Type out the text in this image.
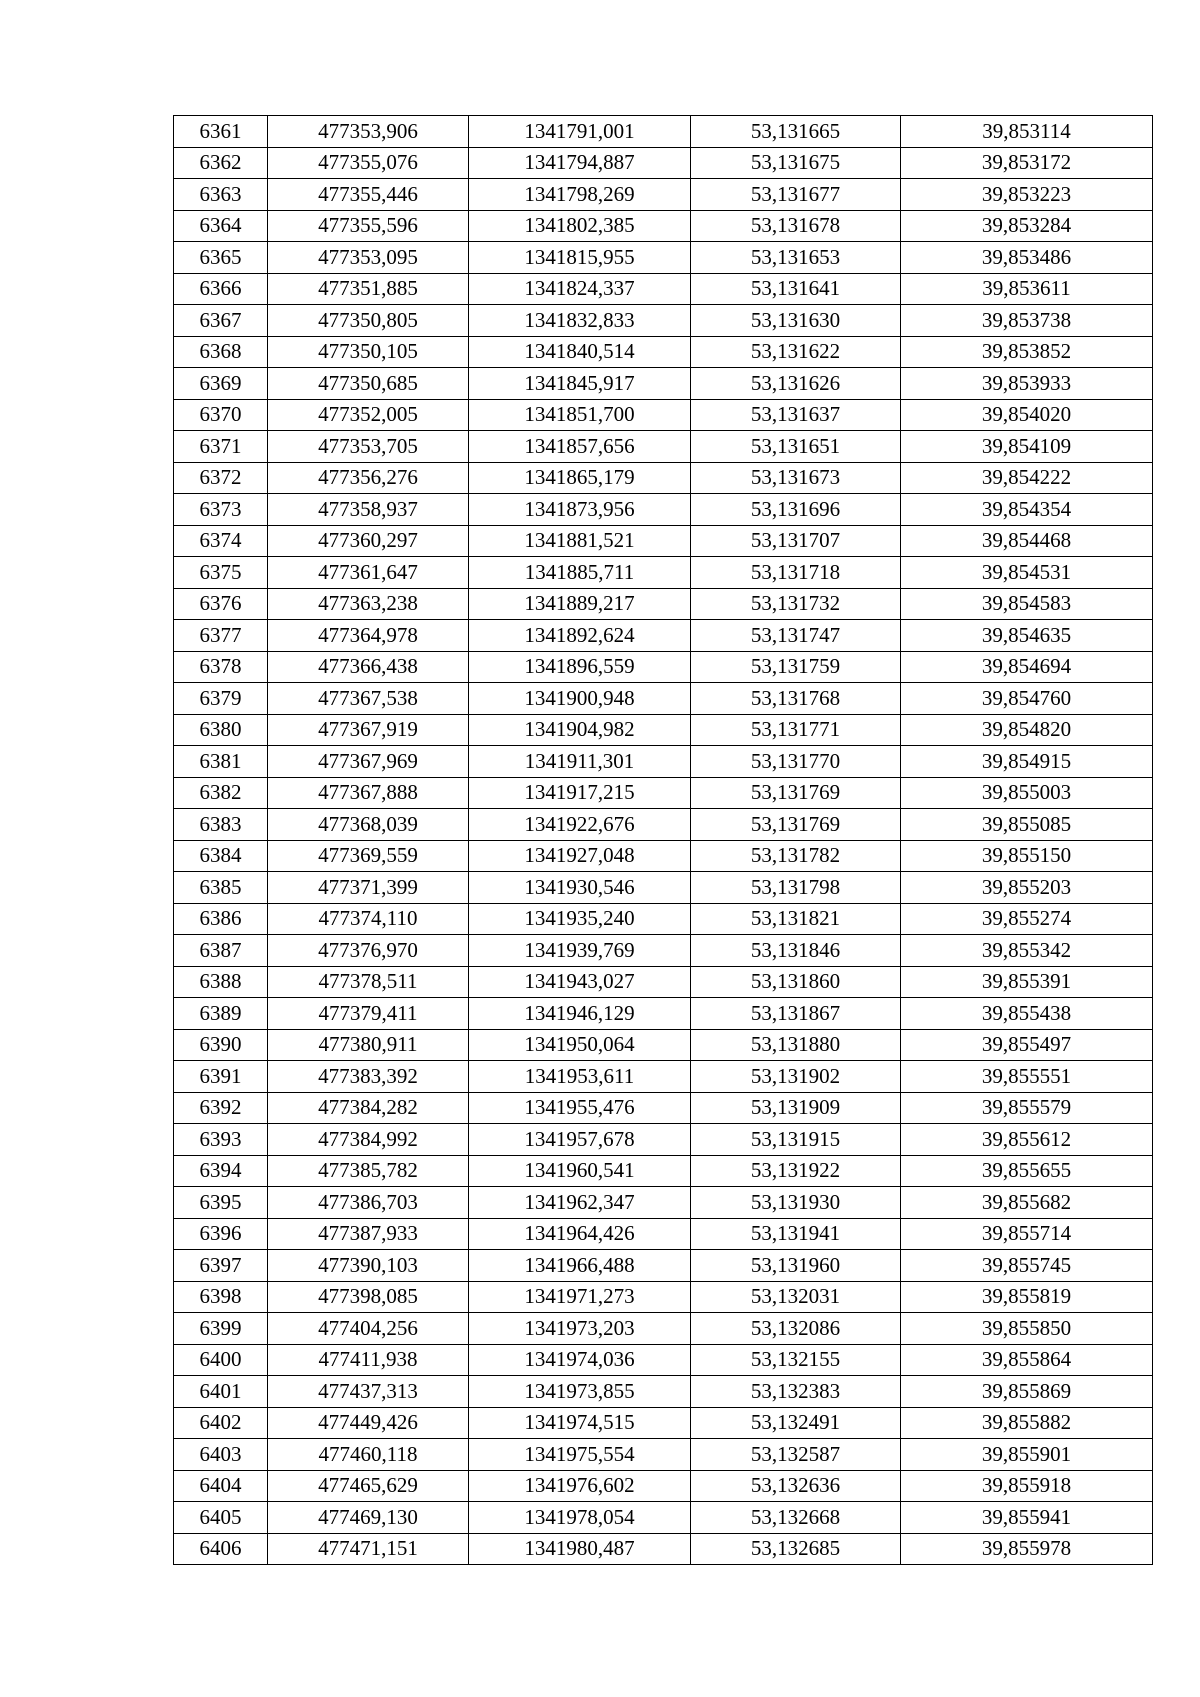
6361	477353,906	1341791,001	53,131665	39,853114
6362	477355,076	1341794,887	53,131675	39,853172
6363	477355,446	1341798,269	53,131677	39,853223
6364	477355,596	1341802,385	53,131678	39,853284
6365	477353,095	1341815,955	53,131653	39,853486
6366	477351,885	1341824,337	53,131641	39,853611
6367	477350,805	1341832,833	53,131630	39,853738
6368	477350,105	1341840,514	53,131622	39,853852
6369	477350,685	1341845,917	53,131626	39,853933
6370	477352,005	1341851,700	53,131637	39,854020
6371	477353,705	1341857,656	53,131651	39,854109
6372	477356,276	1341865,179	53,131673	39,854222
6373	477358,937	1341873,956	53,131696	39,854354
6374	477360,297	1341881,521	53,131707	39,854468
6375	477361,647	1341885,711	53,131718	39,854531
6376	477363,238	1341889,217	53,131732	39,854583
6377	477364,978	1341892,624	53,131747	39,854635
6378	477366,438	1341896,559	53,131759	39,854694
6379	477367,538	1341900,948	53,131768	39,854760
6380	477367,919	1341904,982	53,131771	39,854820
6381	477367,969	1341911,301	53,131770	39,854915
6382	477367,888	1341917,215	53,131769	39,855003
6383	477368,039	1341922,676	53,131769	39,855085
6384	477369,559	1341927,048	53,131782	39,855150
6385	477371,399	1341930,546	53,131798	39,855203
6386	477374,110	1341935,240	53,131821	39,855274
6387	477376,970	1341939,769	53,131846	39,855342
6388	477378,511	1341943,027	53,131860	39,855391
6389	477379,411	1341946,129	53,131867	39,855438
6390	477380,911	1341950,064	53,131880	39,855497
6391	477383,392	1341953,611	53,131902	39,855551
6392	477384,282	1341955,476	53,131909	39,855579
6393	477384,992	1341957,678	53,131915	39,855612
6394	477385,782	1341960,541	53,131922	39,855655
6395	477386,703	1341962,347	53,131930	39,855682
6396	477387,933	1341964,426	53,131941	39,855714
6397	477390,103	1341966,488	53,131960	39,855745
6398	477398,085	1341971,273	53,132031	39,855819
6399	477404,256	1341973,203	53,132086	39,855850
6400	477411,938	1341974,036	53,132155	39,855864
6401	477437,313	1341973,855	53,132383	39,855869
6402	477449,426	1341974,515	53,132491	39,855882
6403	477460,118	1341975,554	53,132587	39,855901
6404	477465,629	1341976,602	53,132636	39,855918
6405	477469,130	1341978,054	53,132668	39,855941
6406	477471,151	1341980,487	53,132685	39,855978
